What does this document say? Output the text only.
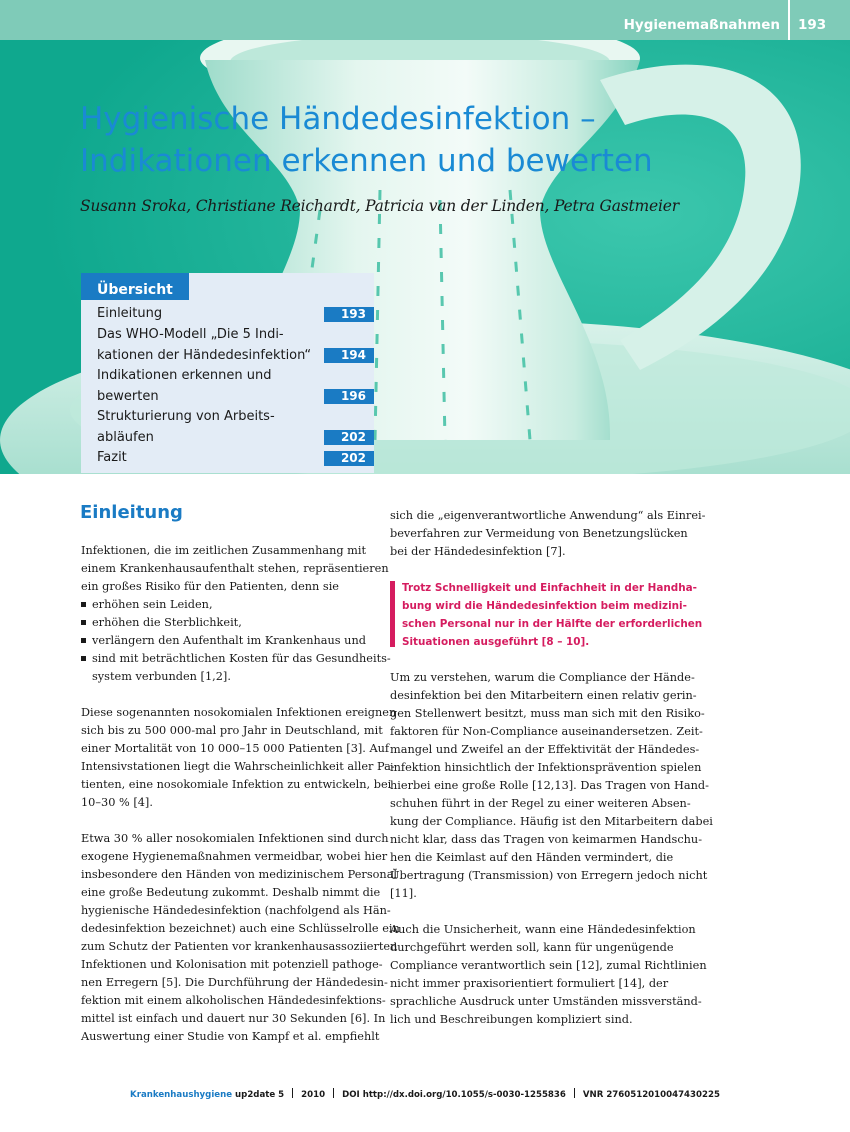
Hygienemaßnahmen 193
Hygienische Händedesinfektion –
Indikationen erkennen und bewerten
Susann Sroka, Christiane Reichardt, Patricia van der Linden, Petra Gastmeier
Übersicht
Einleitung	193
Das WHO-Modell „Die 5 Indi-
kationen der Händedesinfektion“	194
Indikationen erkennen und
bewerten	196
Strukturierung von Arbeits-
abläufen	202
Fazit	202
Einleitung
Infektionen, die im zeitlichen Zusammenhang mit
einem Krankenhausaufenthalt stehen, repräsentieren
ein großes Risiko für den Patienten, denn sie
erhöhen sein Leiden,
erhöhen die Sterblichkeit,
verlängern den Aufenthalt im Krankenhaus und
sind mit beträchtlichen Kosten für das Gesundheits-
system verbunden [1,2].
Diese sogenannten nosokomialen Infektionen ereignen
sich bis zu 500 000-mal pro Jahr in Deutschland, mit
einer Mortalität von 10 000–15 000 Patienten [3]. Auf
Intensivstationen liegt die Wahrscheinlichkeit aller Pa-
tienten, eine nosokomiale Infektion zu entwickeln, bei
10–30 % [4].
Etwa 30 % aller nosokomialen Infektionen sind durch
exogene Hygienemaßnahmen vermeidbar, wobei hier
insbesondere den Händen von medizinischem Personal
eine große Bedeutung zukommt. Deshalb nimmt die
hygienische Händedesinfektion (nachfolgend als Hän-
dedesinfektion bezeichnet) auch eine Schlüsselrolle ein
zum Schutz der Patienten vor krankenhausassoziierten
Infektionen und Kolonisation mit potenziell pathoge-
nen Erregern [5]. Die Durchführung der Händedesin-
fektion mit einem alkoholischen Händedesinfektions-
mittel ist einfach und dauert nur 30 Sekunden [6]. In
Auswertung einer Studie von Kampf et al. empfiehlt
sich die „eigenverantwortliche Anwendung“ als Einrei-
beverfahren zur Vermeidung von Benetzungslücken
bei der Händedesinfektion [7].
Trotz Schnelligkeit und Einfachheit in der Handha-
bung wird die Händedesinfektion beim medizini-
schen Personal nur in der Hälfte der erforderlichen
Situationen ausgeführt [8 – 10].
Um zu verstehen, warum die Compliance der Hände-
desinfektion bei den Mitarbeitern einen relativ gerin-
gen Stellenwert besitzt, muss man sich mit den Risiko-
faktoren für Non-Compliance auseinandersetzen. Zeit-
mangel und Zweifel an der Effektivität der Händedes-
infektion hinsichtlich der Infektionsprävention spielen
hierbei eine große Rolle [12,13]. Das Tragen von Hand-
schuhen führt in der Regel zu einer weiteren Absen-
kung der Compliance. Häufig ist den Mitarbeitern dabei
nicht klar, dass das Tragen von keimarmen Handschu-
hen die Keimlast auf den Händen vermindert, die
Übertragung (Transmission) von Erregern jedoch nicht
[11].
Auch die Unsicherheit, wann eine Händedesinfektion
durchgeführt werden soll, kann für ungenügende
Compliance verantwortlich sein [12], zumal Richtlinien
nicht immer praxisorientiert formuliert [14], der
sprachliche Ausdruck unter Umständen missverständ-
lich und Beschreibungen kompliziert sind.
Krankenhaushygiene up2date 5 2010 DOI http://dx.doi.org/10.1055/s-0030-1255836 VNR 2760512010047430225
